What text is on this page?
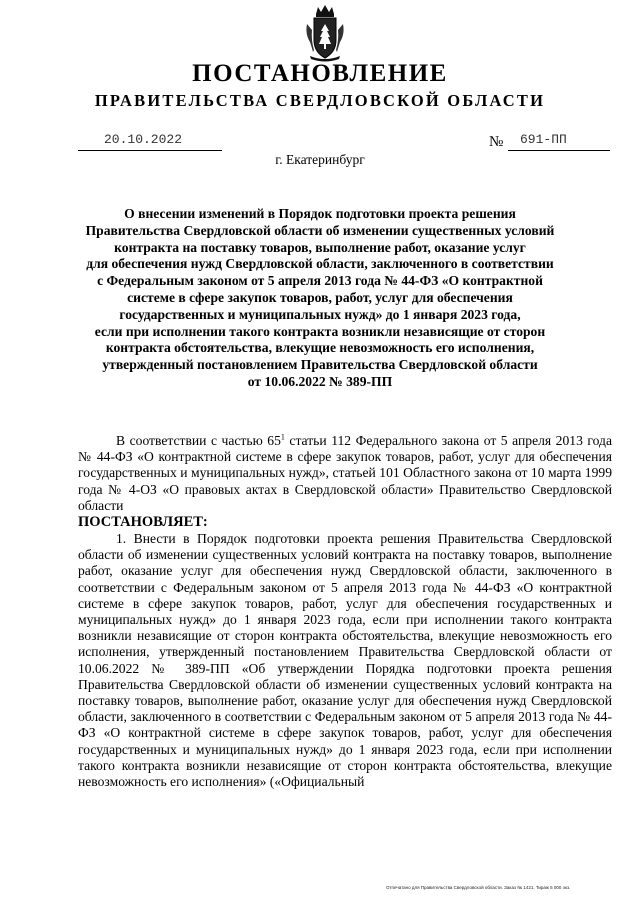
ПОСТАНОВЛЕНИЕ
ПРАВИТЕЛЬСТВА СВЕРДЛОВСКОЙ ОБЛАСТИ
20.10.2022	№ 691-ПП
г. Екатеринбург
О внесении изменений в Порядок подготовки проекта решения
Правительства Свердловской области об изменении существенных условий
контракта на поставку товаров, выполнение работ, оказание услуг
для обеспечения нужд Свердловской области, заключенного в соответствии
с Федеральным законом от 5 апреля 2013 года № 44-ФЗ «О контрактной
системе в сфере закупок товаров, работ, услуг для обеспечения
государственных и муниципальных нужд» до 1 января 2023 года,
если при исполнении такого контракта возникли независящие от сторон
контракта обстоятельства, влекущие невозможность его исполнения,
утвержденный постановлением Правительства Свердловской области
от 10.06.2022 № 389-ПП

В соответствии с частью $65^1$ статьи 112 Федерального закона от 5 апреля 2013 года № 44-ФЗ «О контрактной системе в сфере закупок товаров, работ, услуг для обеспечения государственных и муниципальных нужд», статьей 101 Областного закона от 10 марта 1999 года № 4-ОЗ «О правовых актах в Свердловской области» Правительство Свердловской области

ПОСТАНОВЛЯЕТ:

1. Внести в Порядок подготовки проекта решения Правительства Свердловской области об изменении существенных условий контракта на поставку товаров, выполнение работ, оказание услуг для обеспечения нужд Свердловской области, заключенного в соответствии с Федеральным законом от 5 апреля 2013 года № 44-ФЗ «О контрактной системе в сфере закупок товаров, работ, услуг для обеспечения государственных и муниципальных нужд» до 1 января 2023 года, если при исполнении такого контракта возникли независящие от сторон контракта обстоятельства, влекущие невозможность его исполнения, утвержденный постановлением Правительства Свердловской области от 10.06.2022 № 389-ПП «Об утверждении Порядка подготовки проекта решения Правительства Свердловской области об изменении существенных условий контракта на поставку товаров, выполнение работ, оказание услуг для обеспечения нужд Свердловской области, заключенного в соответствии с Федеральным законом от 5 апреля 2013 года № 44-ФЗ «О контрактной системе в сфере закупок товаров, работ, услуг для обеспечения государственных и муниципальных нужд» до 1 января 2023 года, если при исполнении такого контракта возникли независящие от сторон контракта обстоятельства, влекущие невозможность его исполнения» («Официальный

Отпечатано для Правительства Свердловской области. Заказ № 1421. Тираж 5 000 экз.
